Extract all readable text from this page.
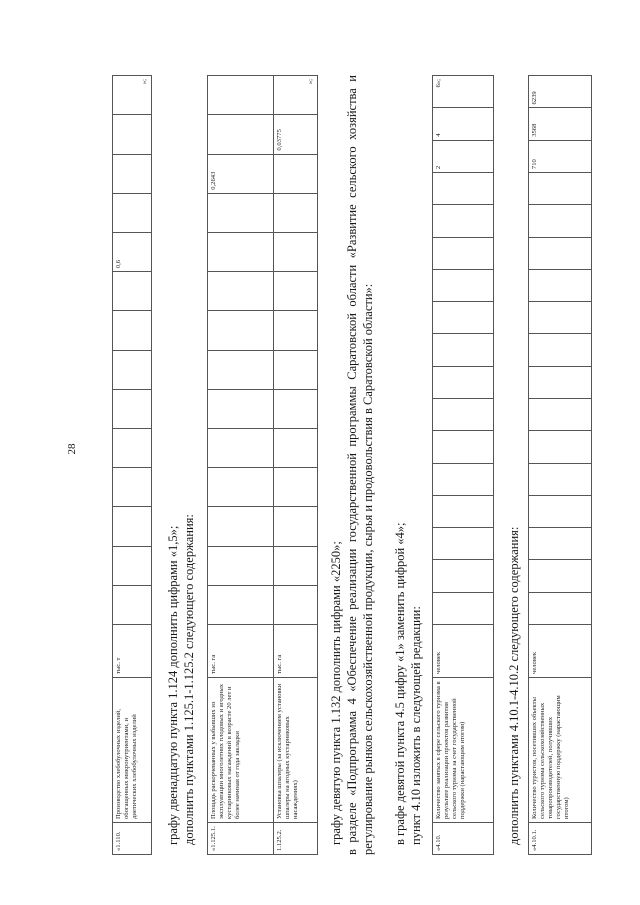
28
«1.110.	Производство хлебобулочных изделий, обогащенных микронутриентами, и диетических хлебобулочных изделий	тыс. т										0,6				»;
графу двенадцатую пункта 1.124 дополнить цифрами «1,5»; дополнить пунктами 1.125.1-1.125.2 следующего содержания: «1.125.1.	Площадь раскорчеванных у выбывших из эксплуатации многолетних плодовых и ягодных кустарниковых насаждений в возрасте 20 лет и более начиная от года закладки	тыс. га												0,2643		
1.125.2.	Установка шпалеры (за исключением установки шпалеры на ягодных кустарниковых насаждениях)	тыс. га													0,03775	»;
графу девятую пункта 1.132 дополнить цифрами «2250»; в разделе «Подпрограмма 4 «Обеспечение реализации государственной программы Саратовской области «Развитие сельского хозяйства и регулирование рынков сельскохозяйственной продукции, сырья и продовольствия в Саратовской области»: в графе девятой пункта 4.5 цифру «1» заменить цифрой «4»; пункт 4.10 изложить в следующей редакции: «4.10.	Количество занятых в сфере сельского туризма в результате реализации проектов развития сельского туризма за счет государственной поддержки (нарастающим итогом)	человек															2	4	6»;
дополнить пунктами 4.10.1-4.10.2 следующего содержания: «4.10.1.	Количество туристов, посетивших объекты сельского туризма сельскохозяйственных товаропроизводителей, получивших государственную поддержку (нарастающим итогом)	человек															710	3568	6239
